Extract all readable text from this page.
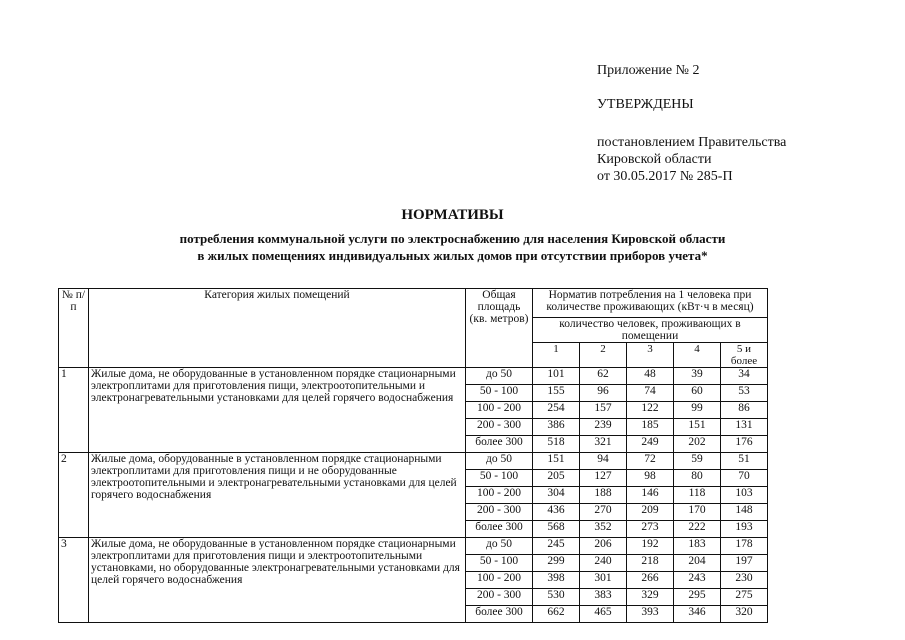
Приложение № 2
УТВЕРЖДЕНЫ
постановлением Правительства
Кировской области
от 30.05.2017 № 285-П
НОРМАТИВЫ
потребления коммунальной услуги по электроснабжению для населения Кировской области
в жилых помещениях индивидуальных жилых домов при отсутствии приборов учета*
№ п/п	Категория жилых помещений	Общая площадь (кв. метров)	Норматив потребления на 1 человека при количестве проживающих (кВт·ч в месяц)				
			количество человек, проживающих в помещении				
			1	2	3	4	5 и более
1	Жилые дома, не оборудованные в установленном порядке стационарными электроплитами для приготовления пищи, электроотопительными и электронагревательными установками для целей горячего водоснабжения	до 50	101	62	48	39	34
		50 - 100	155	96	74	60	53
		100 - 200	254	157	122	99	86
		200 - 300	386	239	185	151	131
		более 300	518	321	249	202	176
2	Жилые дома, оборудованные в установленном порядке стационарными электроплитами для приготовления пищи и не оборудованные электроотопительными и электронагревательными установками для целей горячего водоснабжения	до 50	151	94	72	59	51
		50 - 100	205	127	98	80	70
		100 - 200	304	188	146	118	103
		200 - 300	436	270	209	170	148
		более 300	568	352	273	222	193
3	Жилые дома, не оборудованные в установленном порядке стационарными электроплитами для приготовления пищи и электроотопительными установками, но оборудованные электронагревательными установками для целей горячего водоснабжения	до 50	245	206	192	183	178
		50 - 100	299	240	218	204	197
		100 - 200	398	301	266	243	230
		200 - 300	530	383	329	295	275
		более 300	662	465	393	346	320
